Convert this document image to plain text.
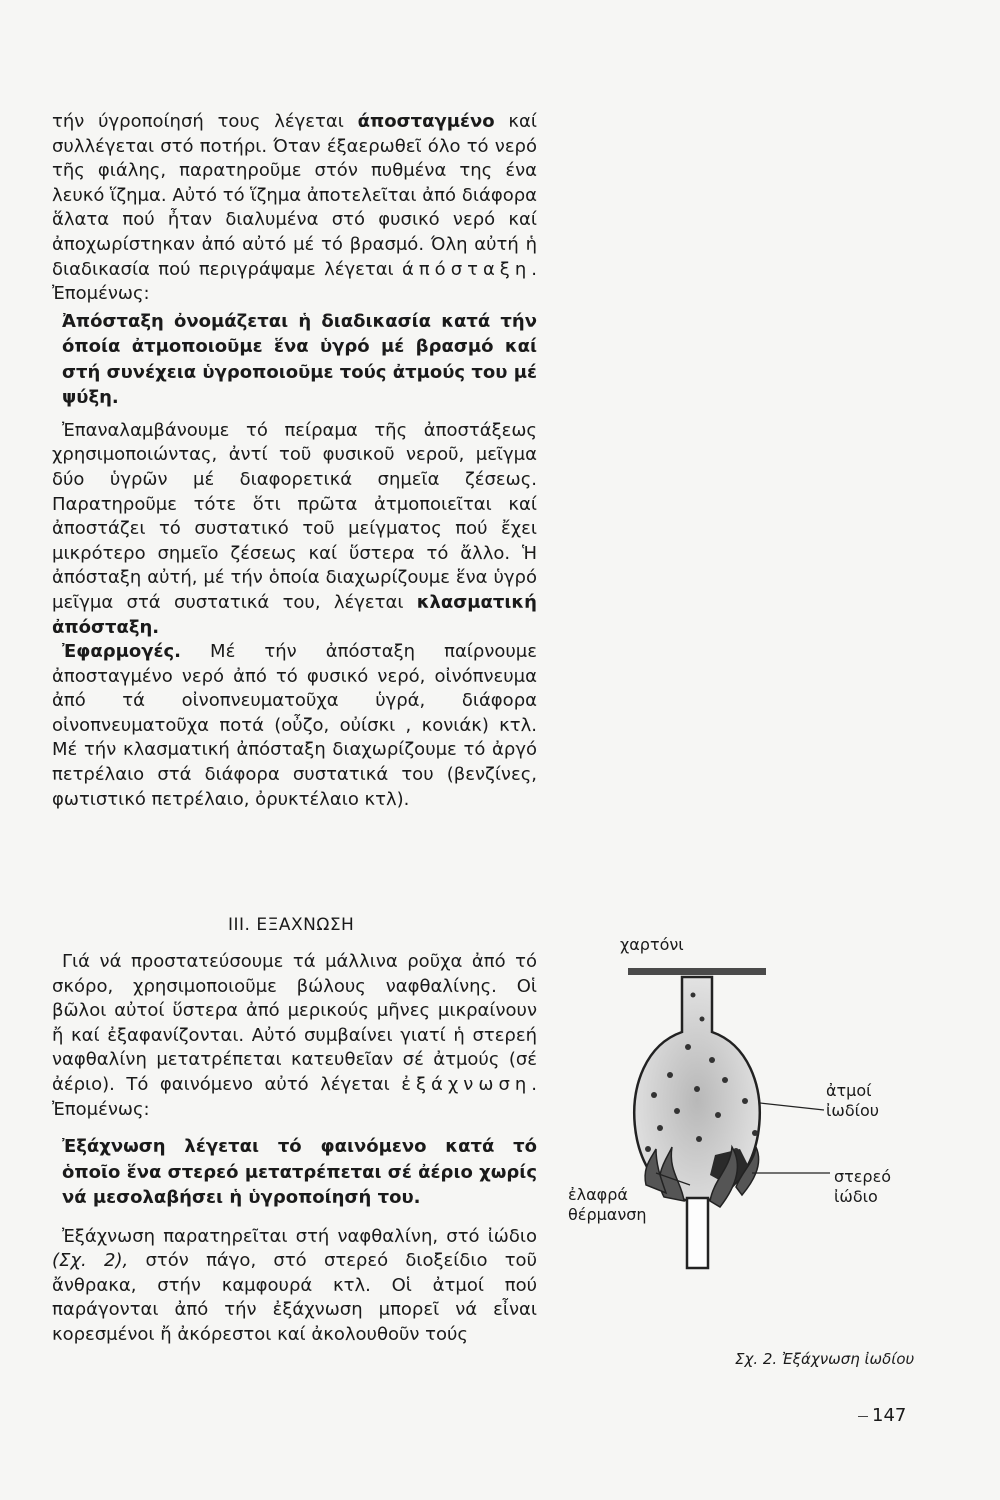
τήν ύγροποίησή τους λέγεται άποσταγμένο καί συλλέγεται στό ποτήρι. Όταν έξαερωθεῖ όλο τό νερό τῆς φιάλης, παρατηροῦμε στόν πυθμένα της ένα λευκό ἵζημα. Αὐτό τό ἵζημα ἀποτελεῖται ἀπό διάφορα ἅλατα πού ἦταν διαλυμένα στό φυσικό νερό καί ἀποχωρίστηκαν ἀπό αὐτό μέ τό βρασμό. Όλη αὐτή ἡ διαδικασία πού περιγράψαμε λέγεται άπόσταξη. Ἐπομένως:

Ἀπόσταξη ὀνομάζεται ἡ διαδικασία κατά τήν όποία ἀτμοποιοῦμε ἕνα ὑγρό μέ βρασμό καί στή συνέχεια ὑγροποιοῦμε τούς ἀτμούς του μέ ψύξη.

Ἐπαναλαμβάνουμε τό πείραμα τῆς ἀποστάξεως χρησιμοποιώντας, ἀντί τοῦ φυσικοῦ νεροῦ, μεῖγμα δύο ὑγρῶν μέ διαφορετικά σημεῖα ζέσεως. Παρατηροῦμε τότε ὅτι πρῶτα ἀτμοποιεῖται καί ἀποστάζει τό συστατικό τοῦ μείγματος πού ἔχει μικρότερο σημεῖο ζέσεως καί ὕστερα τό ἄλλο. Ἡ ἀπόσταξη αὐτή, μέ τήν ὁποία διαχωρίζουμε ἕνα ὑγρό μεῖγμα στά συστατικά του, λέγεται κλασματική ἀπόσταξη.

Ἐφαρμογές. Μέ τήν ἀπόσταξη παίρνουμε ἀποσταγμένο νερό ἀπό τό φυσικό νερό, οἰνόπνευμα ἀπό τά οἰνοπνευματοῦχα ὑγρά, διάφορα οἰνοπνευματοῦχα ποτά (οὖζο, οὐίσκι , κονιάκ) κτλ. Μέ τήν κλασματική ἀπόσταξη διαχωρίζουμε τό ἀργό πετρέλαιο στά διάφορα συστατικά του (βενζίνες, φωτιστικό πετρέλαιο, ὀρυκτέλαιο κτλ).

III. ΕΞΑΧΝΩΣΗ

Γιά νά προστατεύσουμε τά μάλλινα ροῦχα ἀπό τό σκόρο, χρησιμοποιοῦμε βώλους ναφθαλίνης. Οἱ βῶλοι αὐτοί ὕστερα ἀπό μερικούς μῆνες μικραίνουν ἤ καί ἐξαφανίζονται. Αὐτό συμβαίνει γιατί ἡ στερεή ναφθαλίνη μετατρέπεται κατευθεῖαν σέ ἀτμούς (σέ ἀέριο). Τό φαινόμενο αὐτό λέγεται ἐξάχνωση. Ἐπομένως:

Ἐξάχνωση λέγεται τό φαινόμενο κατά τό ὁποῖο ἕνα στερεό μετατρέπεται σέ ἀέριο χωρίς νά μεσολαβήσει ἡ ὑγροποίησή του.

Ἐξάχνωση παρατηρεῖται στή ναφθαλίνη, στό ἰώδιο (Σχ. 2), στόν πάγο, στό στερεό διοξείδιο τοῦ ἄνθρακα, στήν καμφουρά κτλ. Οἱ ἀτμοί πού παράγονται ἀπό τήν ἐξάχνωση μπορεῖ νά εἶναι κορεσμένοι ἤ ἀκόρεστοι καί ἀκολουθοῦν τούς

χαρτόνι
ἀτμοί
ἰωδίου
στερεό
ἰώδιο
ἐλαφρά
θέρμανση
Σχ. 2. Ἐξάχνωση ἰωδίου
147
